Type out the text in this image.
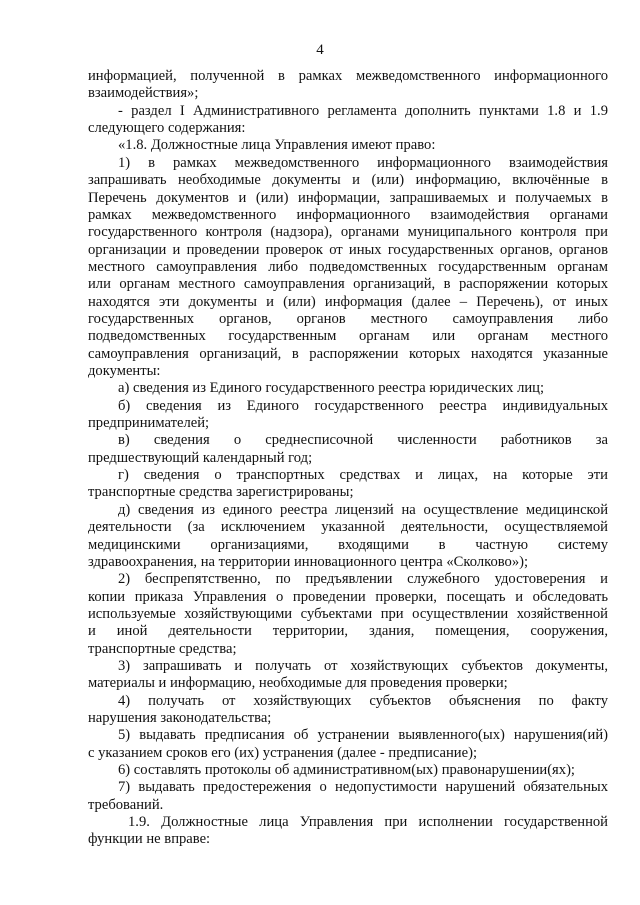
4
информацией, полученной в рамках межведомственного информационного
взаимодействия»;
- раздел I Административного регламента дополнить пунктами 1.8 и 1.9
следующего содержания:
«1.8. Должностные лица Управления имеют право:
1) в рамках межведомственного информационного взаимодействия
запрашивать необходимые документы и (или) информацию, включённые в
Перечень документов и (или) информации, запрашиваемых и получаемых в
рамках межведомственного информационного взаимодействия органами
государственного контроля (надзора), органами муниципального контроля при
организации и проведении проверок от иных государственных органов, органов
местного самоуправления либо подведомственных государственным органам
или органам местного самоуправления организаций, в распоряжении которых
находятся эти документы и (или) информация (далее – Перечень), от иных
государственных органов, органов местного самоуправления либо
подведомственных государственным органам или органам местного
самоуправления организаций, в распоряжении которых находятся указанные
документы:
а) сведения из Единого государственного реестра юридических лиц;
б) сведения из Единого государственного реестра индивидуальных
предпринимателей;
в) сведения о среднесписочной численности работников за
предшествующий календарный год;
г) сведения о транспортных средствах и лицах, на которые эти
транспортные средства зарегистрированы;
д) сведения из единого реестра лицензий на осуществление медицинской
деятельности (за исключением указанной деятельности, осуществляемой
медицинскими организациями, входящими в частную систему
здравоохранения, на территории инновационного центра «Сколково»);
2) беспрепятственно, по предъявлении служебного удостоверения и
копии приказа Управления о проведении проверки, посещать и обследовать
используемые хозяйствующими субъектами при осуществлении хозяйственной
и иной деятельности территории, здания, помещения, сооружения,
транспортные средства;
3) запрашивать и получать от хозяйствующих субъектов документы,
материалы и информацию, необходимые для проведения проверки;
4) получать от хозяйствующих субъектов объяснения по факту
нарушения законодательства;
5) выдавать предписания об устранении выявленного(ых) нарушения(ий)
с указанием сроков его (их) устранения (далее - предписание);
6) составлять протоколы об административном(ых) правонарушении(ях);
7) выдавать предостережения о недопустимости нарушений обязательных
требований.
1.9. Должностные лица Управления при исполнении государственной
функции не вправе:
